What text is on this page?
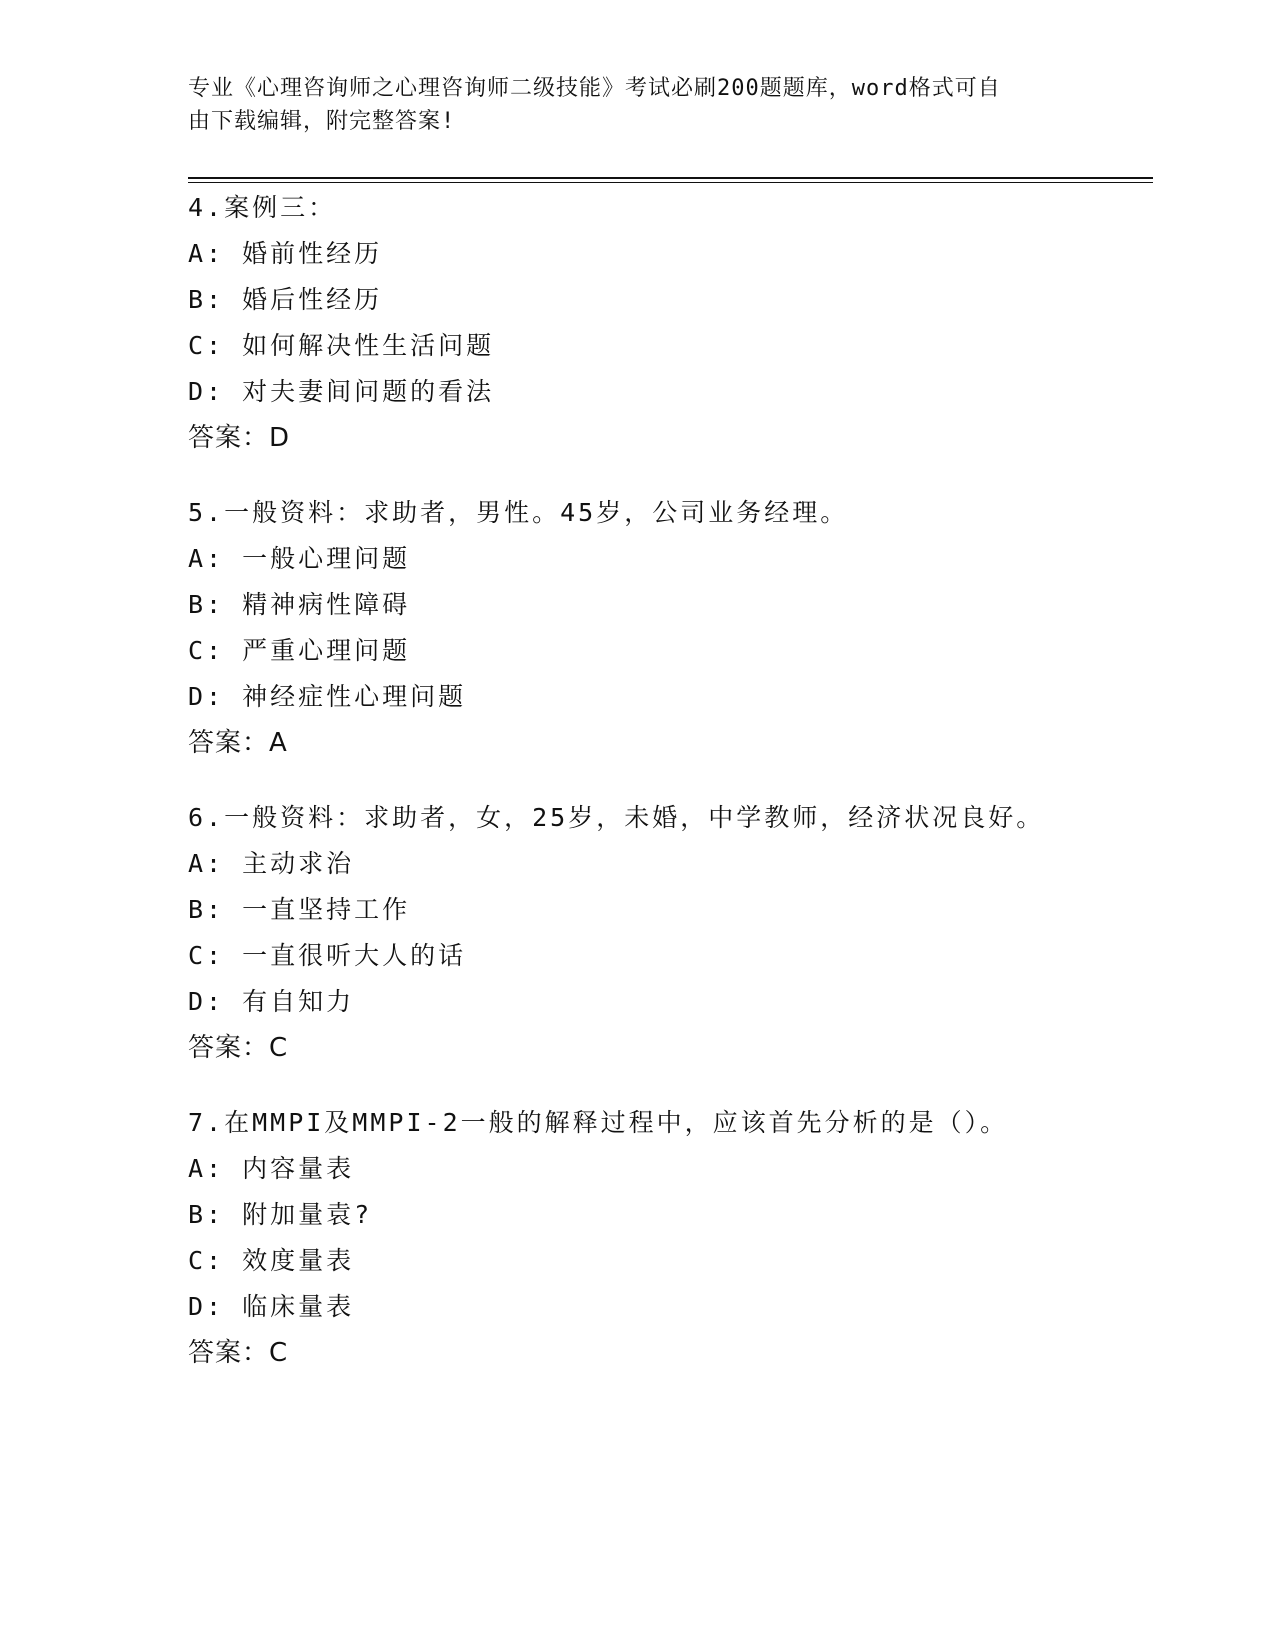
专业《心理咨询师之心理咨询师二级技能》考试必刷200题题库，word格式可自
由下载编辑，附完整答案!
4.案例三：
A: 婚前性经历
B: 婚后性经历
C: 如何解决性生活问题
D: 对夫妻间问题的看法
答案：D
5.一般资料：求助者，男性。45岁，公司业务经理。
A: 一般心理问题
B: 精神病性障碍
C: 严重心理问题
D: 神经症性心理问题
答案：A
6.一般资料：求助者，女，25岁，未婚，中学教师，经济状况良好。
A: 主动求治
B: 一直坚持工作
C: 一直很听大人的话
D: 有自知力
答案：C
7.在MMPI及MMPI-2一般的解释过程中，应该首先分析的是（）。
A: 内容量表
B: 附加量袁?
C: 效度量表
D: 临床量表
答案：C
